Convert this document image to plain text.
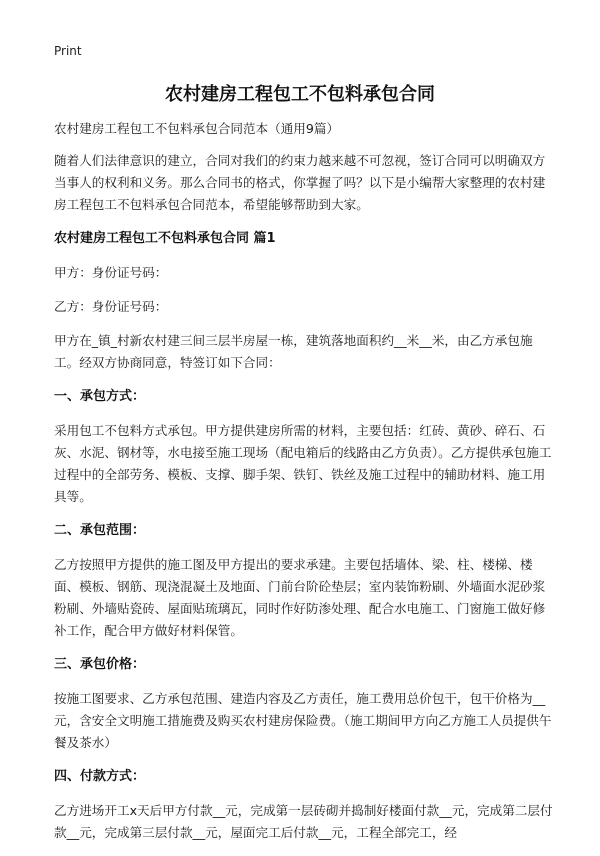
Print
农村建房工程包工不包料承包合同

农村建房工程包工不包料承包合同范本（通用9篇）

随着人们法律意识的建立，合同对我们的约束力越来越不可忽视，签订合同可以明确双方当事人的权利和义务。那么合同书的格式，你掌握了吗？以下是小编帮大家整理的农村建房工程包工不包料承包合同范本，希望能够帮助到大家。

农村建房工程包工不包料承包合同 篇1

甲方：身份证号码：

乙方：身份证号码：

甲方在_镇_村新农村建三间三层半房屋一栋，建筑落地面积约__米__米，由乙方承包施工。经双方协商同意，特签订如下合同：

一、承包方式：

采用包工不包料方式承包。甲方提供建房所需的材料，主要包括：红砖、黄砂、碎石、石灰、水泥、钢材等，水电接至施工现场（配电箱后的线路由乙方负责）。乙方提供承包施工过程中的全部劳务、模板、支撑、脚手架、铁钉、铁丝及施工过程中的辅助材料、施工用具等。

二、承包范围：

乙方按照甲方提供的施工图及甲方提出的要求承建。主要包括墙体、梁、柱、楼梯、楼面、模板、钢筋、现浇混凝土及地面、门前台阶砼垫层；室内装饰粉刷、外墙面水泥砂浆粉刷、外墙贴瓷砖、屋面贴琉璃瓦，同时作好防渗处理、配合水电施工、门窗施工做好修补工作，配合甲方做好材料保管。

三、承包价格：

按施工图要求、乙方承包范围、建造内容及乙方责任，施工费用总价包干，包干价格为__元，含安全文明施工措施费及购买农村建房保险费。（施工期间甲方向乙方施工人员提供午餐及茶水）

四、付款方式：

乙方进场开工x天后甲方付款__元，完成第一层砖砌并捣制好楼面付款__元，完成第二层付款__元，完成第三层付款__元，屋面完工后付款__元，工程全部完工，经
